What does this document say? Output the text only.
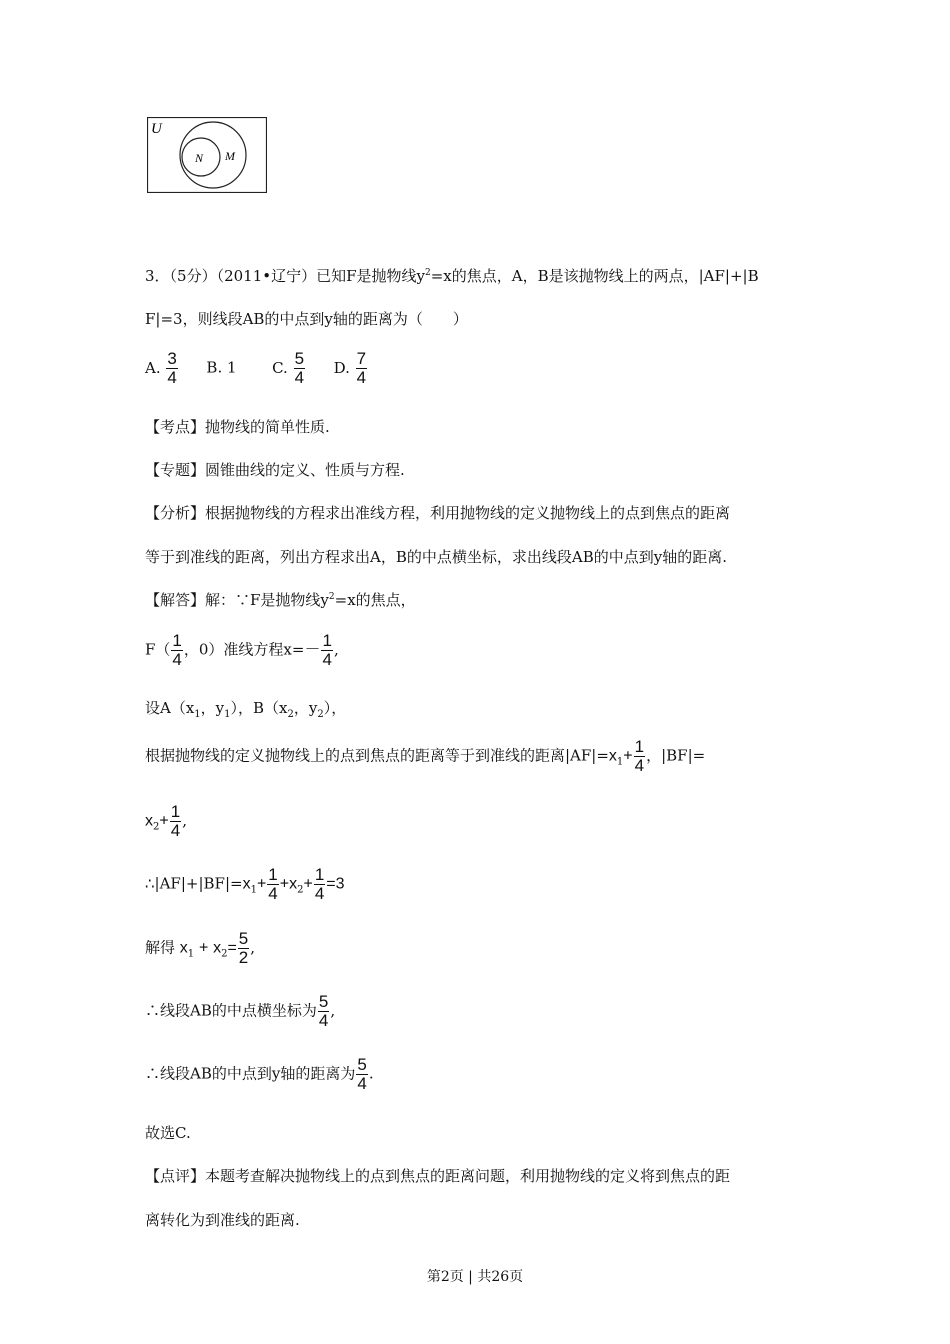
U
N M
3．（5分）（2011•辽宁）已知F是抛物线$y^2=x$的焦点，A，B是该抛物线上的两点，|AF|+|B
F|=3，则线段AB的中点到y轴的距离为（　　）
A. $\frac{3}{4} B$. 1 C. $\frac{5}{4} D$. $\frac{7}{4}$
【考点】抛物线的简单性质.
【专题】圆锥曲线的定义、性质与方程.
【分析】根据抛物线的方程求出准线方程，利用抛物线的定义抛物线上的点到焦点的距离
等于到准线的距离，列出方程求出A，B的中点横坐标，求出线段AB的中点到y轴的距离.
【解答】解：∵F是抛物线$y^2=x$的焦点，
$F( \frac{1}{4}$ ，0）准线方程$x=- \frac{1}{4}$ ,
设$A(x_1$，$y_1$），$B(x_2$，$y_2$），
根据抛物线的定义抛物线上的点到焦点的距离等于到准线的距离$|AF|=x_1+ \frac{1}{4}$ ，|BF|=
$x_2+ \frac{1}{4}$ ,
$\therefore|AF|+|BF|=x_1+ \frac{1}{4} +x_2+ \frac{1}{4} =3$
解得 $x_1 + x_2= \frac{5}{2}$ ,
∴线段AB的中点横坐标为 $\frac{5}{4}$ ,
∴线段AB的中点到y轴的距离为 $\frac{5}{4}$ .
故选C.
【点评】本题考查解决抛物线上的点到焦点的距离问题，利用抛物线的定义将到焦点的距
离转化为到准线的距离.
第2页 | 共26页
